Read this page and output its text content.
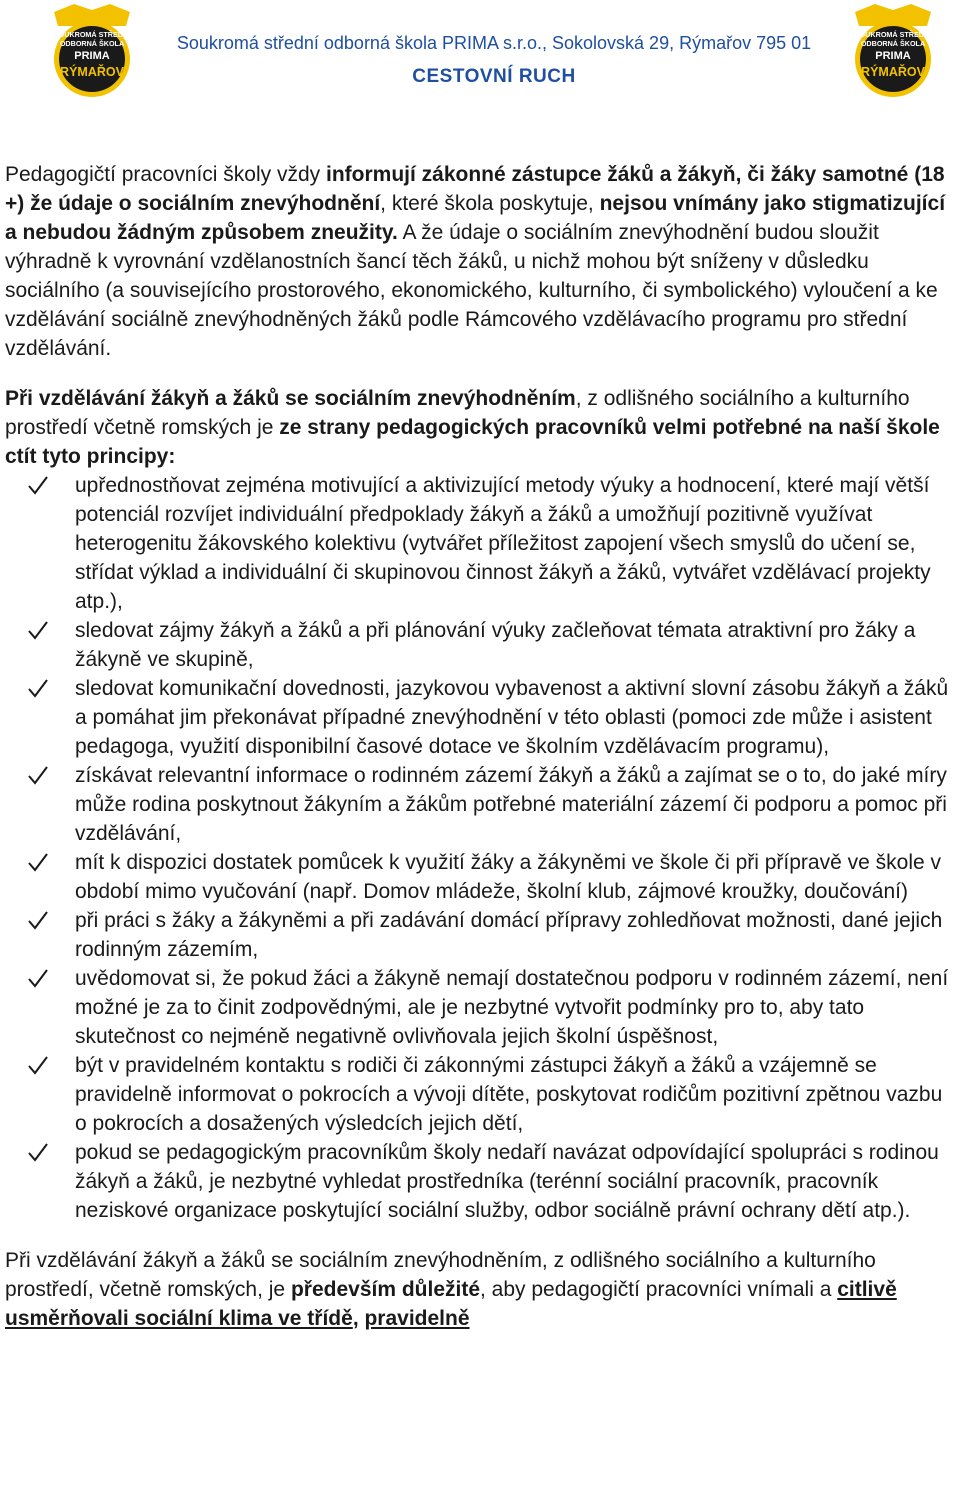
SOUKROMÁ STŘEDNÍ
ODBORNÁ ŠKOLA
PRIMA
RÝMAŘOV
Soukromá střední odborná škola PRIMA s.r.o., Sokolovská 29, Rýmařov 795 01
CESTOVNÍ RUCH
SOUKROMÁ STŘEDNÍ
ODBORNÁ ŠKOLA
PRIMA
RÝMAŘOV

Pedagogičtí pracovníci školy vždy informují zákonné zástupce žáků a žákyň, či žáky samotné (18 +) že údaje o sociálním znevýhodnění, které škola poskytuje, nejsou vnímány jako stigmatizující a nebudou žádným způsobem zneužity. A že údaje o sociálním znevýhodnění budou sloužit výhradně k vyrovnání vzdělanostních šancí těch žáků, u nichž mohou být sníženy v důsledku sociálního (a souvisejícího prostorového, ekonomického, kulturního, či symbolického) vyloučení a ke vzdělávání sociálně znevýhodněných žáků podle Rámcového vzdělávacího programu pro střední vzdělávání.

Při vzdělávání žákyň a žáků se sociálním znevýhodněním, z odlišného sociálního a kulturního prostředí včetně romských je ze strany pedagogických pracovníků velmi potřebné na naší škole ctít tyto principy:

upřednostňovat zejména motivující a aktivizující metody výuky a hodnocení, které mají větší potenciál rozvíjet individuální předpoklady žákyň a žáků a umožňují pozitivně využívat heterogenitu žákovského kolektivu (vytvářet příležitost zapojení všech smyslů do učení se, střídat výklad a individuální či skupinovou činnost žákyň a žáků, vytvářet vzdělávací projekty atp.),
sledovat zájmy žákyň a žáků a při plánování výuky začleňovat témata atraktivní pro žáky a žákyně ve skupině,
sledovat komunikační dovednosti, jazykovou vybavenost a aktivní slovní zásobu žákyň a žáků a pomáhat jim překonávat případné znevýhodnění v této oblasti (pomoci zde může i asistent pedagoga, využití disponibilní časové dotace ve školním vzdělávacím programu),
získávat relevantní informace o rodinném zázemí žákyň a žáků a zajímat se o to, do jaké míry může rodina poskytnout žákyním a žákům potřebné materiální zázemí či podporu a pomoc při vzdělávání,
mít k dispozici dostatek pomůcek k využití žáky a žákyněmi ve škole či při přípravě ve škole v období mimo vyučování (např. Domov mládeže, školní klub, zájmové kroužky, doučování)
při práci s žáky a žákyněmi a při zadávání domácí přípravy zohledňovat možnosti, dané jejich rodinným zázemím,
uvědomovat si, že pokud žáci a žákyně nemají dostatečnou podporu v rodinném zázemí, není možné je za to činit zodpovědnými, ale je nezbytné vytvořit podmínky pro to, aby tato skutečnost co nejméně negativně ovlivňovala jejich školní úspěšnost,
být v pravidelném kontaktu s rodiči či zákonnými zástupci žákyň a žáků a vzájemně se pravidelně informovat o pokrocích a vývoji dítěte, poskytovat rodičům pozitivní zpětnou vazbu o pokrocích a dosažených výsledcích jejich dětí,
pokud se pedagogickým pracovníkům školy nedaří navázat odpovídající spolupráci s rodinou žákyň a žáků, je nezbytné vyhledat prostředníka (terénní sociální pracovník, pracovník neziskové organizace poskytující sociální služby, odbor sociálně právní ochrany dětí atp.).

Při vzdělávání žákyň a žáků se sociálním znevýhodněním, z odlišného sociálního a kulturního prostředí, včetně romských, je především důležité, aby pedagogičtí pracovníci vnímali a citlivě usměrňovali sociální klima ve třídě, pravidelně
